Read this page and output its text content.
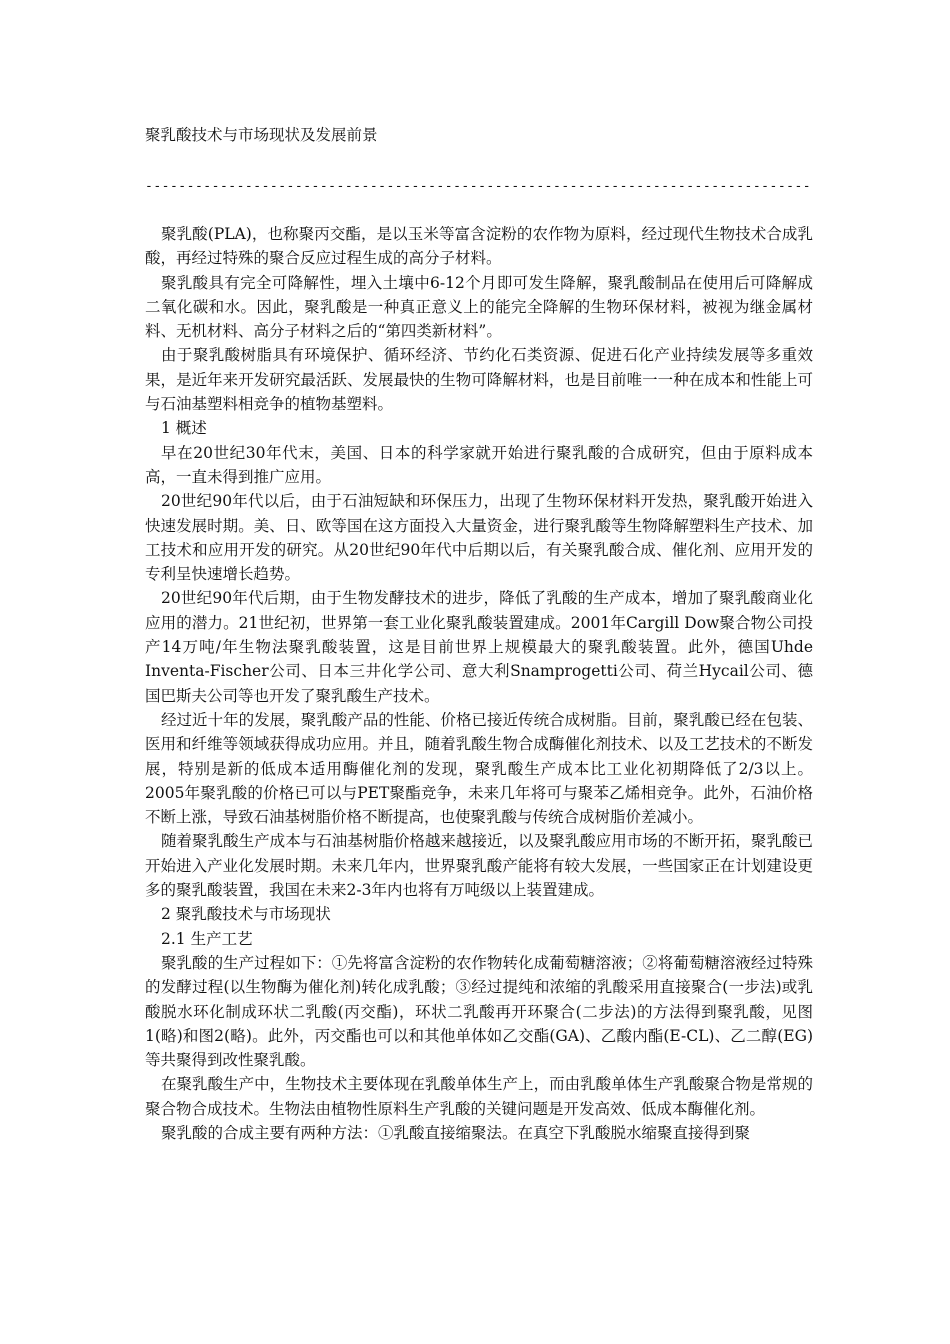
聚乳酸技术与市场现状及发展前景
--------------------------------------------------------------------------------

聚乳酸(PLA)，也称聚丙交酯，是以玉米等富含淀粉的农作物为原料，经过现代生物技术合成乳酸，再经过特殊的聚合反应过程生成的高分子材料。

聚乳酸具有完全可降解性，埋入土壤中6-12个月即可发生降解，聚乳酸制品在使用后可降解成二氧化碳和水。因此，聚乳酸是一种真正意义上的能完全降解的生物环保材料，被视为继金属材料、无机材料、高分子材料之后的“第四类新材料”。

由于聚乳酸树脂具有环境保护、循环经济、节约化石类资源、促进石化产业持续发展等多重效果，是近年来开发研究最活跃、发展最快的生物可降解材料，也是目前唯一一种在成本和性能上可与石油基塑料相竞争的植物基塑料。

1 概述

早在20世纪30年代末，美国、日本的科学家就开始进行聚乳酸的合成研究，但由于原料成本高，一直未得到推广应用。

20世纪90年代以后，由于石油短缺和环保压力，出现了生物环保材料开发热，聚乳酸开始进入快速发展时期。美、日、欧等国在这方面投入大量资金，进行聚乳酸等生物降解塑料生产技术、加工技术和应用开发的研究。从20世纪90年代中后期以后，有关聚乳酸合成、催化剂、应用开发的专利呈快速增长趋势。

20世纪90年代后期，由于生物发酵技术的进步，降低了乳酸的生产成本，增加了聚乳酸商业化应用的潜力。21世纪初，世界第一套工业化聚乳酸装置建成。2001年Cargill Dow聚合物公司投产14万吨/年生物法聚乳酸装置，这是目前世界上规模最大的聚乳酸装置。此外，德国Uhde Inventa-Fischer公司、日本三井化学公司、意大利Snamprogetti公司、荷兰Hycail公司、德国巴斯夫公司等也开发了聚乳酸生产技术。

经过近十年的发展，聚乳酸产品的性能、价格已接近传统合成树脂。目前，聚乳酸已经在包装、医用和纤维等领域获得成功应用。并且，随着乳酸生物合成酶催化剂技术、以及工艺技术的不断发展，特别是新的低成本适用酶催化剂的发现，聚乳酸生产成本比工业化初期降低了2/3以上。2005年聚乳酸的价格已可以与PET聚酯竞争，未来几年将可与聚苯乙烯相竞争。此外，石油价格不断上涨，导致石油基树脂价格不断提高，也使聚乳酸与传统合成树脂价差减小。

随着聚乳酸生产成本与石油基树脂价格越来越接近，以及聚乳酸应用市场的不断开拓，聚乳酸已开始进入产业化发展时期。未来几年内，世界聚乳酸产能将有较大发展，一些国家正在计划建设更多的聚乳酸装置，我国在未来2-3年内也将有万吨级以上装置建成。

2 聚乳酸技术与市场现状

2.1 生产工艺

聚乳酸的生产过程如下：①先将富含淀粉的农作物转化成葡萄糖溶液；②将葡萄糖溶液经过特殊的发酵过程(以生物酶为催化剂)转化成乳酸；③经过提纯和浓缩的乳酸采用直接聚合(一步法)或乳酸脱水环化制成环状二乳酸(丙交酯)，环状二乳酸再开环聚合(二步法)的方法得到聚乳酸，见图1(略)和图2(略)。此外，丙交酯也可以和其他单体如乙交酯(GA)、乙酸内酯(E-CL)、乙二醇(EG)等共聚得到改性聚乳酸。

在聚乳酸生产中，生物技术主要体现在乳酸单体生产上，而由乳酸单体生产乳酸聚合物是常规的聚合物合成技术。生物法由植物性原料生产乳酸的关键问题是开发高效、低成本酶催化剂。

聚乳酸的合成主要有两种方法：①乳酸直接缩聚法。在真空下乳酸脱水缩聚直接得到聚
